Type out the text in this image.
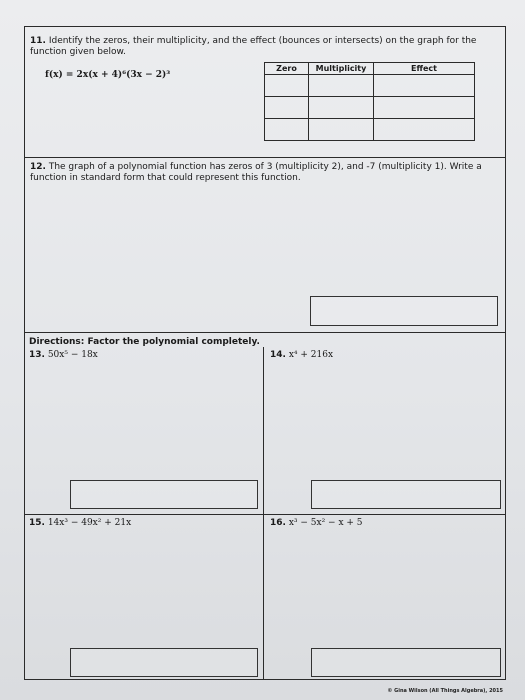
11. Identify the zeros, their multiplicity, and the effect (bounces or intersects) on the graph for the function given below.
f(x) = 2x(x + 4)⁶(3x − 2)³
Zero	Multiplicity	Effect

12. The graph of a polynomial function has zeros of 3 (multiplicity 2), and -7 (multiplicity 1). Write a function in standard form that could represent this function.
Directions: Factor the polynomial completely.
13. 50x⁵ − 18x	14. x⁴ + 216x
15. 14x³ − 49x² + 21x	16. x³ − 5x² − x + 5
© Gina Wilson (All Things Algebra), 2015
